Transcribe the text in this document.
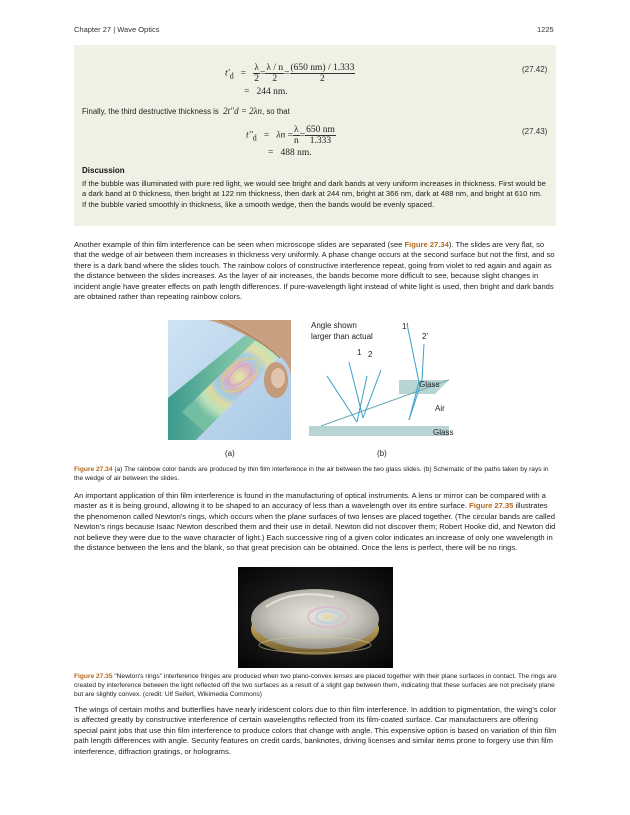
Chapter 27 | Wave Optics	1225
$t'_d = \frac{\lambda}{2} = \frac{\lambda / n}{2} = \frac{(650 nm) / 1.333}{2}$
= 244 nm.
(27.42)
Finally, the third destructive thickness is 2t′′d = 2λn, so that
$t''_d = \lambda n = \frac{\lambda}{n} = \frac{650 nm}{1.333}$
= 488 nm.
(27.43)
Discussion
If the bubble was illuminated with pure red light, we would see bright and dark bands at very uniform increases in thickness. First would be a dark band at 0 thickness, then bright at 122 nm thickness, then dark at 244 nm, bright at 366 nm, dark at 488 nm, and bright at 610 nm. If the bubble varied smoothly in thickness, like a smooth wedge, then the bands would be evenly spaced.
Another example of thin film interference can be seen when microscope slides are separated (see Figure 27.34). The slides are very flat, so that the wedge of air between them increases in thickness very uniformly. A phase change occurs at the second surface but not the first, and so there is a dark band where the slides touch. The rainbow colors of constructive interference repeat, going from violet to red again and again as the distance between the slides increases. As the layer of air increases, the bands become more difficult to see, because slight changes in incident angle have greater effects on path length differences. If pure-wavelength light instead of white light is used, then bright and dark bands are obtained rather than repeating rainbow colors.
Angle shown larger than actual
1 2
1′
2′
Glass
Air
Glass
(a)	(b)
Figure 27.34 (a) The rainbow color bands are produced by thin film interference in the air between the two glass slides. (b) Schematic of the paths taken by rays in the wedge of air between the slides.
An important application of thin film interference is found in the manufacturing of optical instruments. A lens or mirror can be compared with a master as it is being ground, allowing it to be shaped to an accuracy of less than a wavelength over its entire surface. Figure 27.35 illustrates the phenomenon called Newton's rings, which occurs when the plane surfaces of two lenses are placed together. (The circular bands are called Newton's rings because Isaac Newton described them and their use in detail. Newton did not discover them; Robert Hooke did, and Newton did not believe they were due to the wave character of light.) Each successive ring of a given color indicates an increase of only one wavelength in the distance between the lens and the blank, so that great precision can be obtained. Once the lens is perfect, there will be no rings.
Figure 27.35 "Newton's rings" interference fringes are produced when two plano-convex lenses are placed together with their plane surfaces in contact. The rings are created by interference between the light reflected off the two surfaces as a result of a slight gap between them, indicating that these surfaces are not precisely plane but are slightly convex. (credit: Ulf Seifert, Wikimedia Commons)
The wings of certain moths and butterflies have nearly iridescent colors due to thin film interference. In addition to pigmentation, the wing's color is affected greatly by constructive interference of certain wavelengths reflected from its film-coated surface. Car manufacturers are offering special paint jobs that use thin film interference to produce colors that change with angle. This expensive option is based on variation of thin film path length differences with angle. Security features on credit cards, banknotes, driving licenses and similar items prone to forgery use thin film interference, diffraction gratings, or holograms.
